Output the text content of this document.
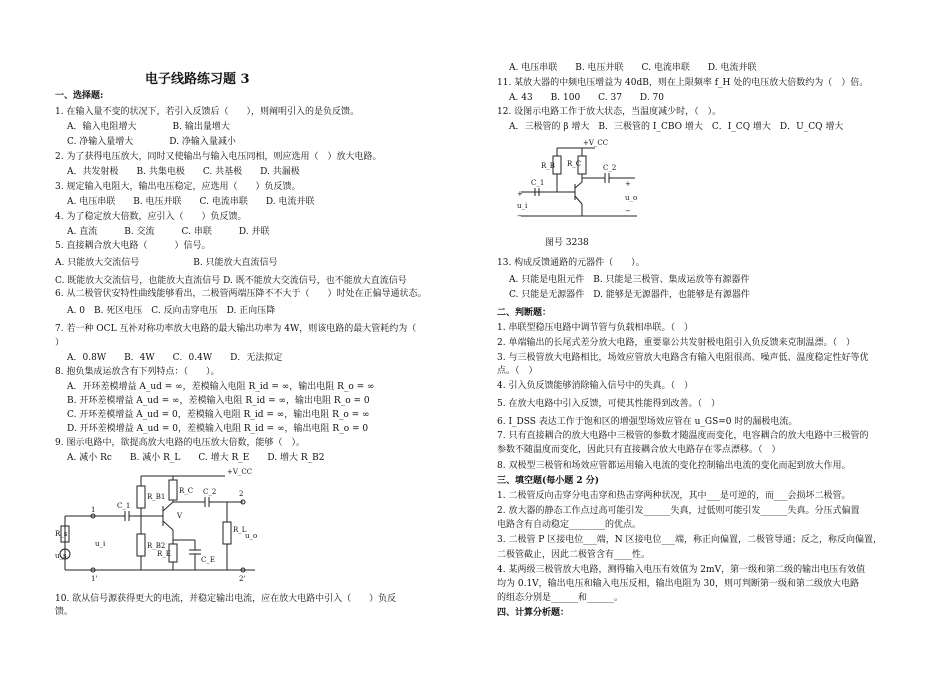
电子线路练习题 3
一、选择题:
1. 在输入量不变的状况下，若引入反馈后（　　），则阐明引入的是负反馈。
A．输入电阻增大　　　　B. 输出量增大
C. 净输入量增大　　　　D. 净输入量减小
2. 为了获得电压放大，同时又使输出与输入电压同相，则应选用（　）放大电路。
A．共发射极　　B. 共集电极　　C. 共基极　　D. 共漏极
3. 规定输入电阻大，输出电压稳定，应选用（　　）负反馈。
A. 电压串联　　B. 电压并联　　C. 电流串联　　D. 电流并联
4. 为了稳定放大倍数，应引入（　　）负反馈。
A. 直流　　　B. 交流　　　C. 串联　　　D. 并联
5. 直接耦合放大电路（　　　）信号。
A. 只能放大交流信号　　　　　　B. 只能放大直流信号
C. 既能放大交流信号，也能放大直流信号 D. 既不能放大交流信号，也不能放大直流信号
6. 从二极管伏安特性曲线能够看出，二极管两端压降不不大于（　　）时处在正偏导通状态。
A. 0　B. 死区电压　C. 反向击穿电压　D. 正向压降
7. 若一种 OCL 互补对称功率放大电路的最大输出功率为 4W，则该电路的最大管耗约为（
）
A．0.8W　　B．4W　　C．0.4W　　D．无法拟定
8. 抱负集成运放含有下列特点：（　　）。
A．开环差模增益 A_ud = ∞，差模输入电阻 R_id = ∞，输出电阻 R_o = ∞
B. 开环差模增益 A_ud = ∞，差模输入电阻 R_id = ∞，输出电阻 R_o = 0
C. 开环差模增益 A_ud = 0，差模输入电阻 R_id = ∞，输出电阻 R_o = ∞
D. 开环差模增益 A_ud = 0，差模输入电阻 R_id = ∞，输出电阻 R_o = 0
9. 图示电路中，欲提高放大电路的电压放大倍数，能够（　）。
A. 减小 Rc　　B. 减小 R_L　　C. 增大 R_E　　D. 增大 R_B2
+V_CC
R_s
u_s
1
1'
u_i
C_1
R_B1
R_B2
R_C C_2
V
R_E
C_E
R_L
u_o
2
2'
10. 欲从信号源获得更大的电流，并稳定输出电流，应在放大电路中引入（　　）负反
馈。
A. 电压串联　　B. 电压并联　　C. 电流串联　　D. 电流并联
11. 某放大器的中频电压增益为 40dB，则在上限频率 f_H 处的电压放大倍数约为（　）倍。
A. 43　　B. 100　　C. 37　　D. 70
12. 设图示电路工作于放大状态，当温度减少时，（　）。
A．三极管的 β 增大　B．三极管的 I_CBO 增大　C．I_CQ 增大　D．U_CQ 增大
+V_CC
R_B R_C	C_2
C_1
u_i
u_o
+
−
+
−
图号 3238
13. 构成反馈通路的元器件（　　）。
A. 只能是电阻元件　B. 只能是三极管、集成运放等有源器件
C. 只能是无源器件　D. 能够是无源器件，也能够是有源器件
二、判断题：
1. 串联型稳压电路中调节管与负载相串联。（　）
2. 单端输出的长尾式差分放大电路，重要靠公共发射极电阻引入负反馈来克制温漂。（　）
3. 与三极管放大电路相比，场效应管放大电路含有输入电阻很高、噪声低、温度稳定性好等优
点。（　）
4. 引入负反馈能够消除输入信号中的失真。（　）
5. 在放大电路中引入反馈，可使其性能得到改善。（　）
6. I_DSS 表达工作于饱和区的增强型场效应管在 u_GS=0 时的漏极电流。
7. 只有直接耦合的放大电路中三极管的参数才随温度而变化，电容耦合的放大电路中三极管的
参数不随温度而变化，因此只有直接耦合放大电路存在零点漂移。（　）
8. 双极型三极管和场效应管都运用输入电流的变化控制输出电流的变化而起到放大作用。
三、填空题(每小题 2 分)
1. 二极管反向击穿分电击穿和热击穿两种状况，其中___是可逆的，而___会损坏二极管。
2. 放大器的静态工作点过高可能引发______失真，过低则可能引发______失真。分压式偏置
电路含有自动稳定________的优点。
3. 二极管 P 区接电位___端，N 区接电位___端，称正向偏置，二极管导通；反之，称反向偏置，
二极管截止，因此二极管含有____性。
4. 某两级三极管放大电路，测得输入电压有效值为 2mV，第一级和第二级的输出电压有效值
均为 0.1V，输出电压和输入电压反相，输出电阻为 30，则可判断第一级和第二级放大电路
的组态分别是______和______。
四、计算分析题：
